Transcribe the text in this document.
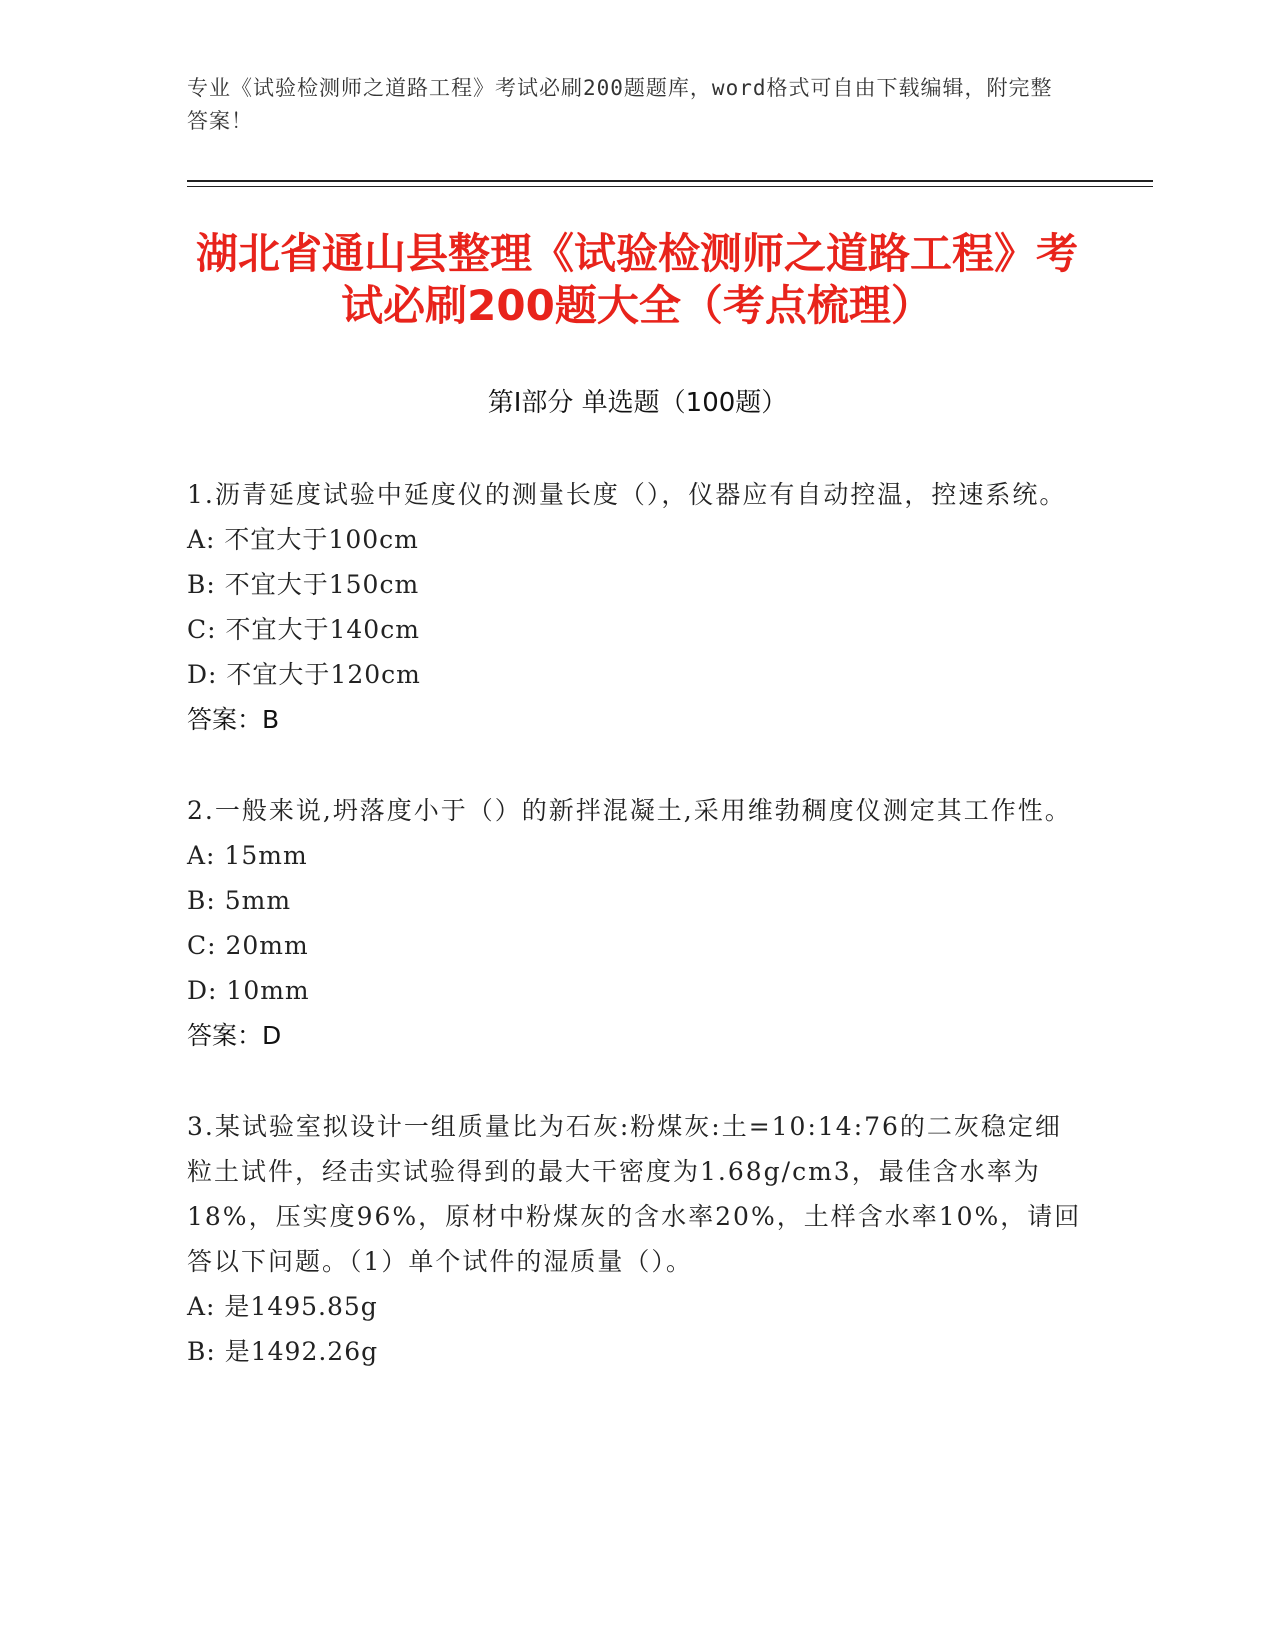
专业《试验检测师之道路工程》考试必刷200题题库，word格式可自由下载编辑，附完整答案！
湖北省通山县整理《试验检测师之道路工程》考试必刷200题大全（考点梳理）
第I部分 单选题（100题）
1.沥青延度试验中延度仪的测量长度（），仪器应有自动控温，控速系统。
A: 不宜大于100cm
B: 不宜大于150cm
C: 不宜大于140cm
D: 不宜大于120cm
答案：B
2.一般来说,坍落度小于（）的新拌混凝土,采用维勃稠度仪测定其工作性。
A: 15mm
B: 5mm
C: 20mm
D: 10mm
答案：D
3.某试验室拟设计一组质量比为石灰:粉煤灰:土=10:14:76的二灰稳定细粒土试件，经击实试验得到的最大干密度为1.68g/cm3，最佳含水率为18%，压实度96%，原材中粉煤灰的含水率20%，土样含水率10%，请回答以下问题。（1）单个试件的湿质量（）。
A: 是1495.85g
B: 是1492.26g
